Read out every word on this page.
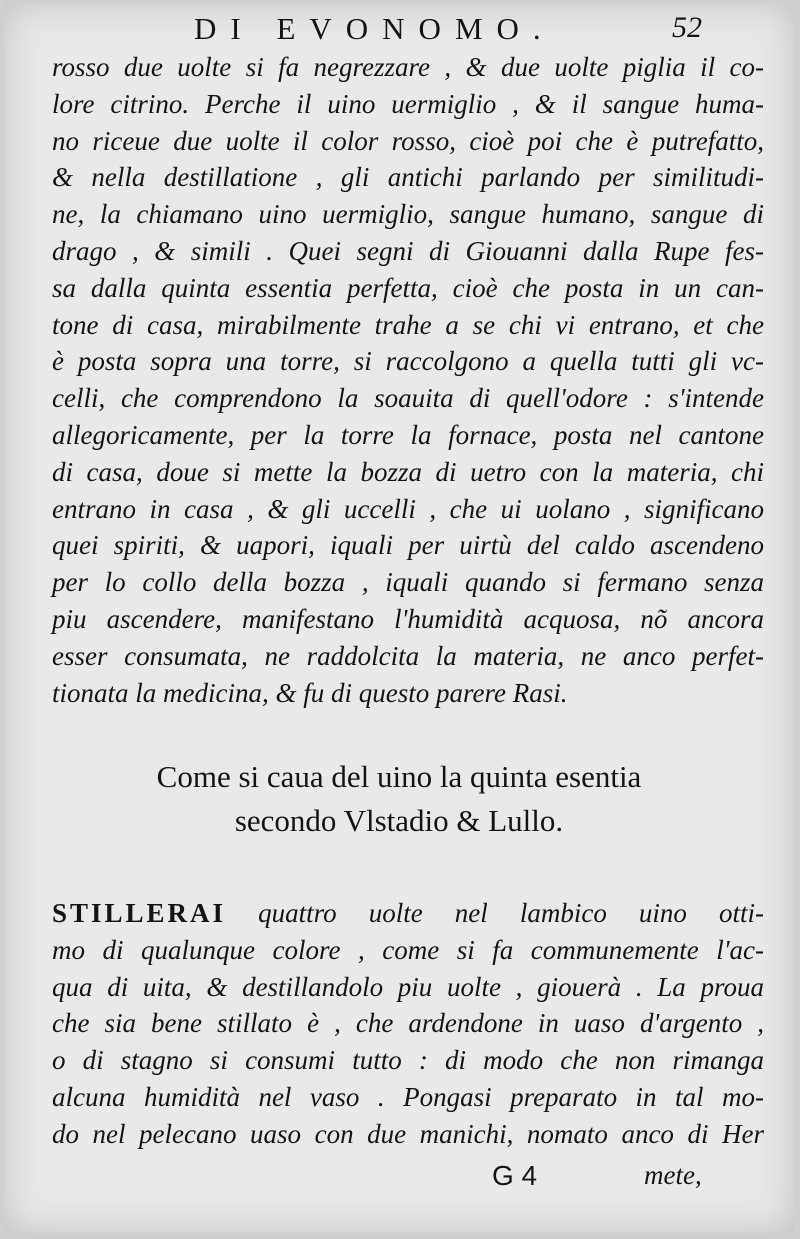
DI EVONOMO.	52
rosso due uolte si fa negrezzare , & due uolte piglia il co-
lore citrino. Perche il uino uermiglio , & il sangue huma-
no riceue due uolte il color rosso, cioè poi che è putrefatto,
& nella destillatione , gli antichi parlando per similitudi-
ne, la chiamano uino uermiglio, sangue humano, sangue di
drago , & simili . Quei segni di Giouanni dalla Rupe fes-
sa dalla quinta essentia perfetta, cioè che posta in un can-
tone di casa, mirabilmente trahe a se chi vi entrano, et che
è posta sopra una torre, si raccolgono a quella tutti gli vc-
celli, che comprendono la soauita di quell'odore : s'intende
allegoricamente, per la torre la fornace, posta nel cantone
di casa, doue si mette la bozza di uetro con la materia, chi
entrano in casa , & gli uccelli , che ui uolano , significano
quei spiriti, & uapori, iquali per uirtù del caldo ascendeno
per lo collo della bozza , iquali quando si fermano senza
piu ascendere, manifestano l'humidità acquosa, nõ ancora
esser consumata, ne raddolcita la materia, ne anco perfet-
tionata la medicina, & fu di questo parere Rasi.
Come si caua del uino la quinta esentia
secondo Vlstadio & Lullo.
STILLERAI quattro uolte nel lambico uino otti-
mo di qualunque colore , come si fa communemente l'ac-
qua di uita, & destillandolo piu uolte , giouerà . La proua
che sia bene stillato è , che ardendone in uaso d'argento ,
o di stagno si consumi tutto : di modo che non rimanga
alcuna humidità nel vaso . Pongasi preparato in tal mo-
do nel pelecano uaso con due manichi, nomato anco di Her
G 4	mete,
